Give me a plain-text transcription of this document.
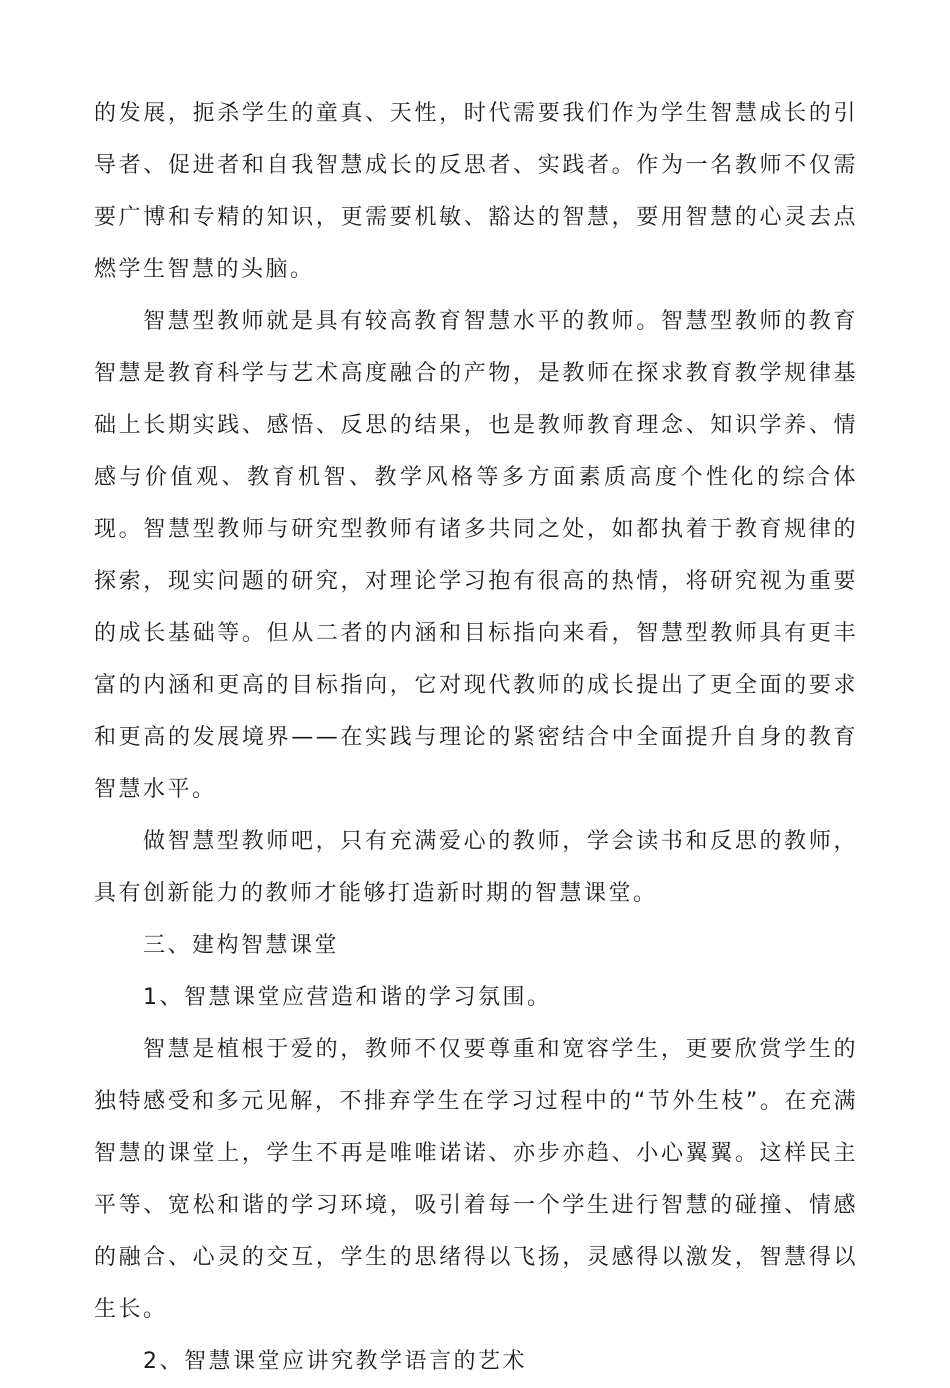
的发展，扼杀学生的童真、天性，时代需要我们作为学生智慧成长的引导者、促进者和自我智慧成长的反思者、实践者。作为一名教师不仅需要广博和专精的知识，更需要机敏、豁达的智慧，要用智慧的心灵去点燃学生智慧的头脑。

智慧型教师就是具有较高教育智慧水平的教师。智慧型教师的教育智慧是教育科学与艺术高度融合的产物，是教师在探求教育教学规律基础上长期实践、感悟、反思的结果，也是教师教育理念、知识学养、情感与价值观、教育机智、教学风格等多方面素质高度个性化的综合体现。智慧型教师与研究型教师有诸多共同之处，如都执着于教育规律的探索，现实问题的研究，对理论学习抱有很高的热情，将研究视为重要的成长基础等。但从二者的内涵和目标指向来看，智慧型教师具有更丰富的内涵和更高的目标指向，它对现代教师的成长提出了更全面的要求和更高的发展境界——在实践与理论的紧密结合中全面提升自身的教育智慧水平。

做智慧型教师吧，只有充满爱心的教师，学会读书和反思的教师，具有创新能力的教师才能够打造新时期的智慧课堂。

三、建构智慧课堂

1、智慧课堂应营造和谐的学习氛围。

智慧是植根于爱的，教师不仅要尊重和宽容学生，更要欣赏学生的独特感受和多元见解，不排弃学生在学习过程中的“节外生枝”。在充满智慧的课堂上，学生不再是唯唯诺诺、亦步亦趋、小心翼翼。这样民主平等、宽松和谐的学习环境，吸引着每一个学生进行智慧的碰撞、情感的融合、心灵的交互，学生的思绪得以飞扬，灵感得以激发，智慧得以生长。

2、智慧课堂应讲究教学语言的艺术
